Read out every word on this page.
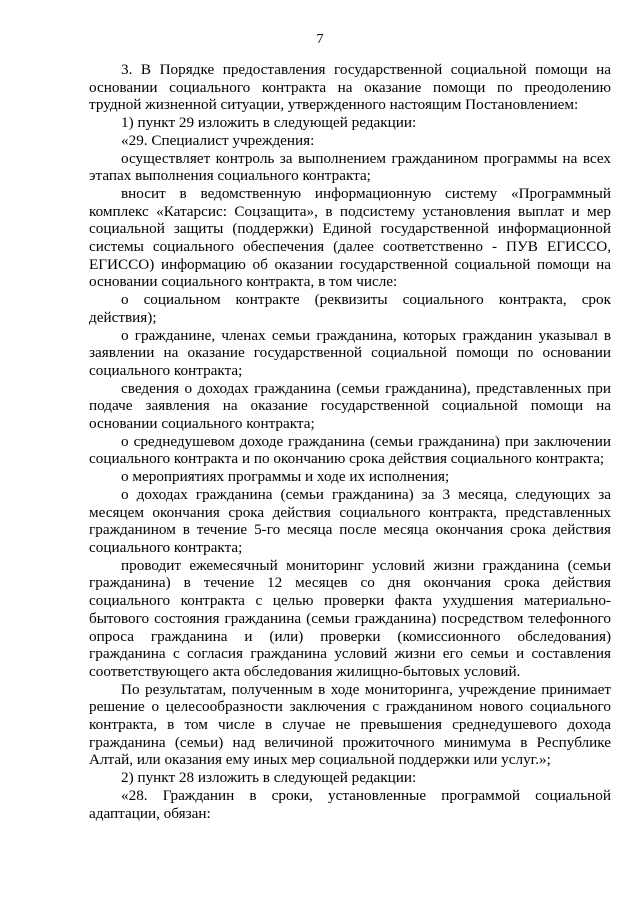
7

3. В Порядке предоставления государственной социальной помощи на основании социального контракта на оказание помощи по преодолению трудной жизненной ситуации, утвержденного настоящим Постановлением:

1) пункт 29 изложить в следующей редакции:

«29. Специалист учреждения:

осуществляет контроль за выполнением гражданином программы на всех этапах выполнения социального контракта;

вносит в ведомственную информационную систему «Программный комплекс «Катарсис: Соцзащита», в подсистему установления выплат и мер социальной защиты (поддержки) Единой государственной информационной системы социального обеспечения (далее соответственно - ПУВ ЕГИССО, ЕГИССО) информацию об оказании государственной социальной помощи на основании социального контракта, в том числе:

о социальном контракте (реквизиты социального контракта, срок действия);

о гражданине, членах семьи гражданина, которых гражданин указывал в заявлении на оказание государственной социальной помощи по основании социального контракта;

сведения о доходах гражданина (семьи гражданина), представленных при подаче заявления на оказание государственной социальной помощи на основании социального контракта;

о среднедушевом доходе гражданина (семьи гражданина) при заключении социального контракта и по окончанию срока действия социального контракта;

о мероприятиях программы и ходе их исполнения;

о доходах гражданина (семьи гражданина) за 3 месяца, следующих за месяцем окончания срока действия социального контракта, представленных гражданином в течение 5-го месяца после месяца окончания срока действия социального контракта;

проводит ежемесячный мониторинг условий жизни гражданина (семьи гражданина) в течение 12 месяцев со дня окончания срока действия социального контракта с целью проверки факта ухудшения материально-бытового состояния гражданина (семьи гражданина) посредством телефонного опроса гражданина и (или) проверки (комиссионного обследования) гражданина с согласия гражданина условий жизни его семьи и составления соответствующего акта обследования жилищно-бытовых условий.

По результатам, полученным в ходе мониторинга, учреждение принимает решение о целесообразности заключения с гражданином нового социального контракта, в том числе в случае не превышения среднедушевого дохода гражданина (семьи) над величиной прожиточного минимума в Республике Алтай, или оказания ему иных мер социальной поддержки или услуг.»;

2) пункт 28 изложить в следующей редакции:

«28. Гражданин в сроки, установленные программой социальной адаптации, обязан:
